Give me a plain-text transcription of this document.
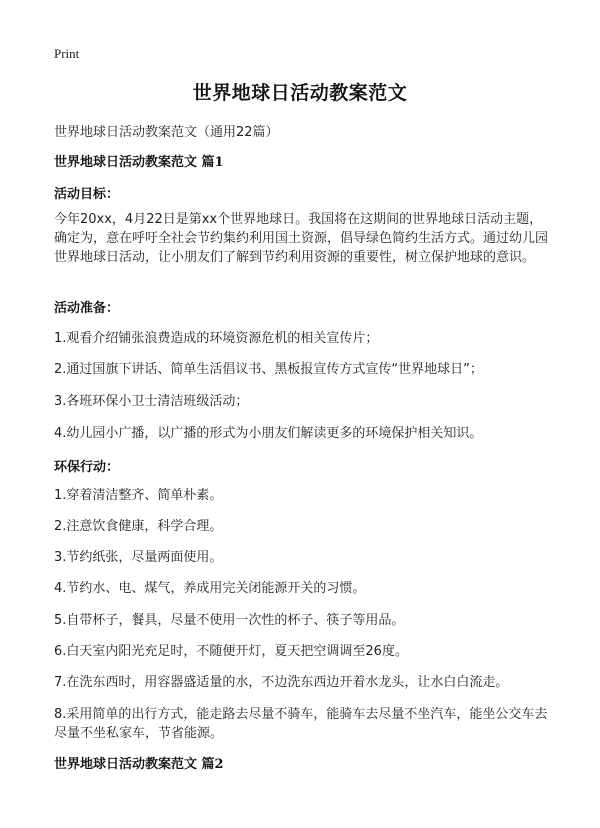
Print
世界地球日活动教案范文
世界地球日活动教案范文（通用22篇）
世界地球日活动教案范文 篇1
活动目标：
今年20xx，4月22日是第xx个世界地球日。我国将在这期间的世界地球日活动主题，确定为，意在呼吁全社会节约集约利用国土资源，倡导绿色简约生活方式。通过幼儿园世界地球日活动，让小朋友们了解到节约利用资源的重要性，树立保护地球的意识。
活动准备：
1.观看介绍铺张浪费造成的环境资源危机的相关宣传片；
2.通过国旗下讲话、简单生活倡议书、黑板报宣传方式宣传“世界地球日”；
3.各班环保小卫士清洁班级活动；
4.幼儿园小广播，以广播的形式为小朋友们解读更多的环境保护相关知识。
环保行动：
1.穿着清洁整齐、简单朴素。
2.注意饮食健康，科学合理。
3.节约纸张，尽量两面使用。
4.节约水、电、煤气，养成用完关闭能源开关的习惯。
5.自带杯子，餐具，尽量不使用一次性的杯子、筷子等用品。
6.白天室内阳光充足时，不随便开灯，夏天把空调调至26度。
7.在洗东西时，用容器盛适量的水，不边洗东西边开着水龙头，让水白白流走。
8.采用简单的出行方式，能走路去尽量不骑车，能骑车去尽量不坐汽车，能坐公交车去尽量不坐私家车，节省能源。
世界地球日活动教案范文 篇2
